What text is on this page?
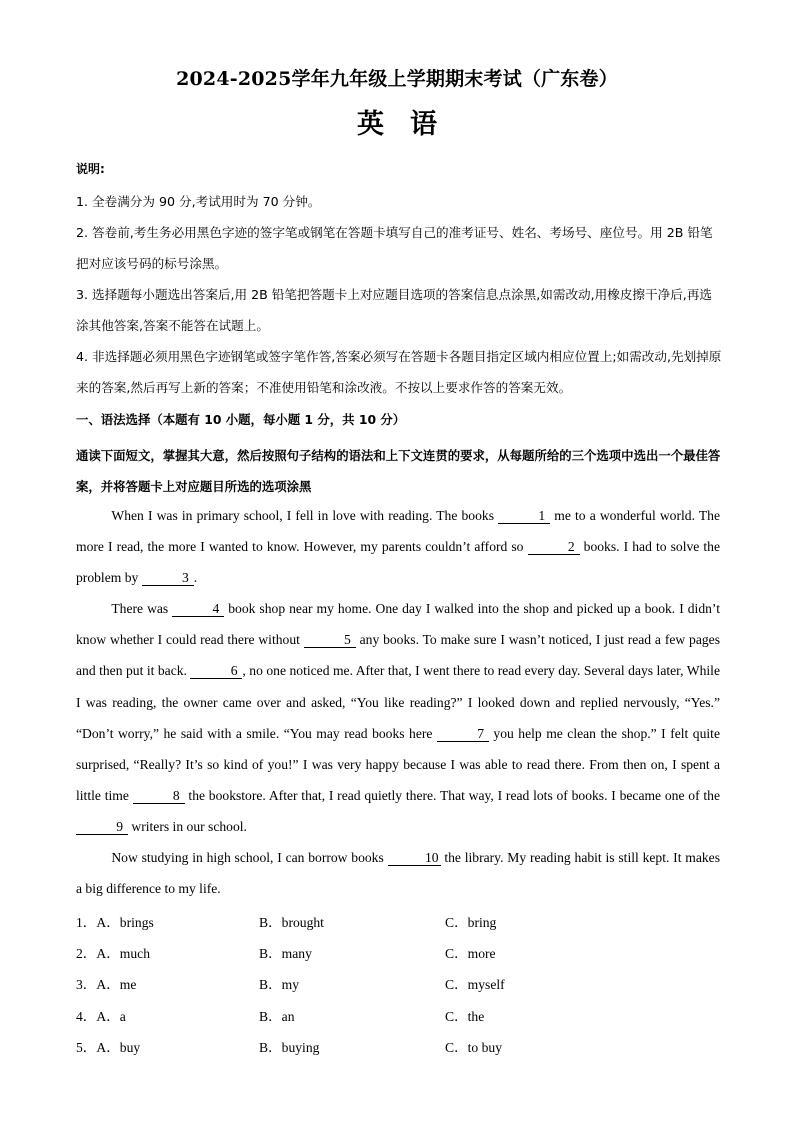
2024-2025学年九年级上学期期末考试（广东卷）
英语
说明:

1. 全卷满分为 90 分,考试用时为 70 分钟。

2. 答卷前,考生务必用黑色字迹的签字笔或钢笔在答题卡填写自己的准考证号、姓名、考场号、座位号。用 2B 铅笔把对应该号码的标号涂黑。

3. 选择题每小题选出答案后,用 2B 铅笔把答题卡上对应题目选项的答案信息点涂黑,如需改动,用橡皮擦干净后,再选涂其他答案,答案不能答在试题上。

4. 非选择题必须用黑色字迹钢笔或签字笔作答,答案必须写在答题卡各题目指定区域内相应位置上;如需改动,先划掉原来的答案,然后再写上新的答案；不准使用铅笔和涂改液。不按以上要求作答的答案无效。

一、语法选择（本题有 10 小题，每小题 1 分，共 10 分）
通读下面短文，掌握其大意，然后按照句子结构的语法和上下文连贯的要求，从每题所给的三个选项中选出一个最佳答案，并将答题卡上对应题目所选的选项涂黑

When I was in primary school, I fell in love with reading. The books	1 me to a wonderful world. The more I read, the more I wanted to know. However, my parents couldn’t afford so	2 books. I had to solve the problem by	3 .

There was	4 book shop near my home. One day I walked into the shop and picked up a book. I didn’t know whether I could read there without	5 any books. To make sure I wasn’t noticed, I just read a few pages and then put it back.	6 , no one noticed me. After that, I went there to read every day. Several days later, While I was reading, the owner came over and asked, “You like reading?” I looked down and replied nervously, “Yes.” “Don’t worry,” he said with a smile. “You may read books here	7 you help me clean the shop.” I felt quite surprised, “Really? It’s so kind of you!” I was very happy because I was able to read there. From then on, I spent a little time	8 the bookstore. After that, I read quietly there. That way, I read lots of books. I became one of the 9 writers in our school.

Now studying in high school, I can borrow books	10 the library. My reading habit is still kept. It makes a big difference to my life.

1．A．brings	B．brought	C．bring
2．A．much	B．many	C．more
3．A．me	B．my	C．myself
4．A．a	B．an	C．the
5．A．buy	B．buying	C．to buy
